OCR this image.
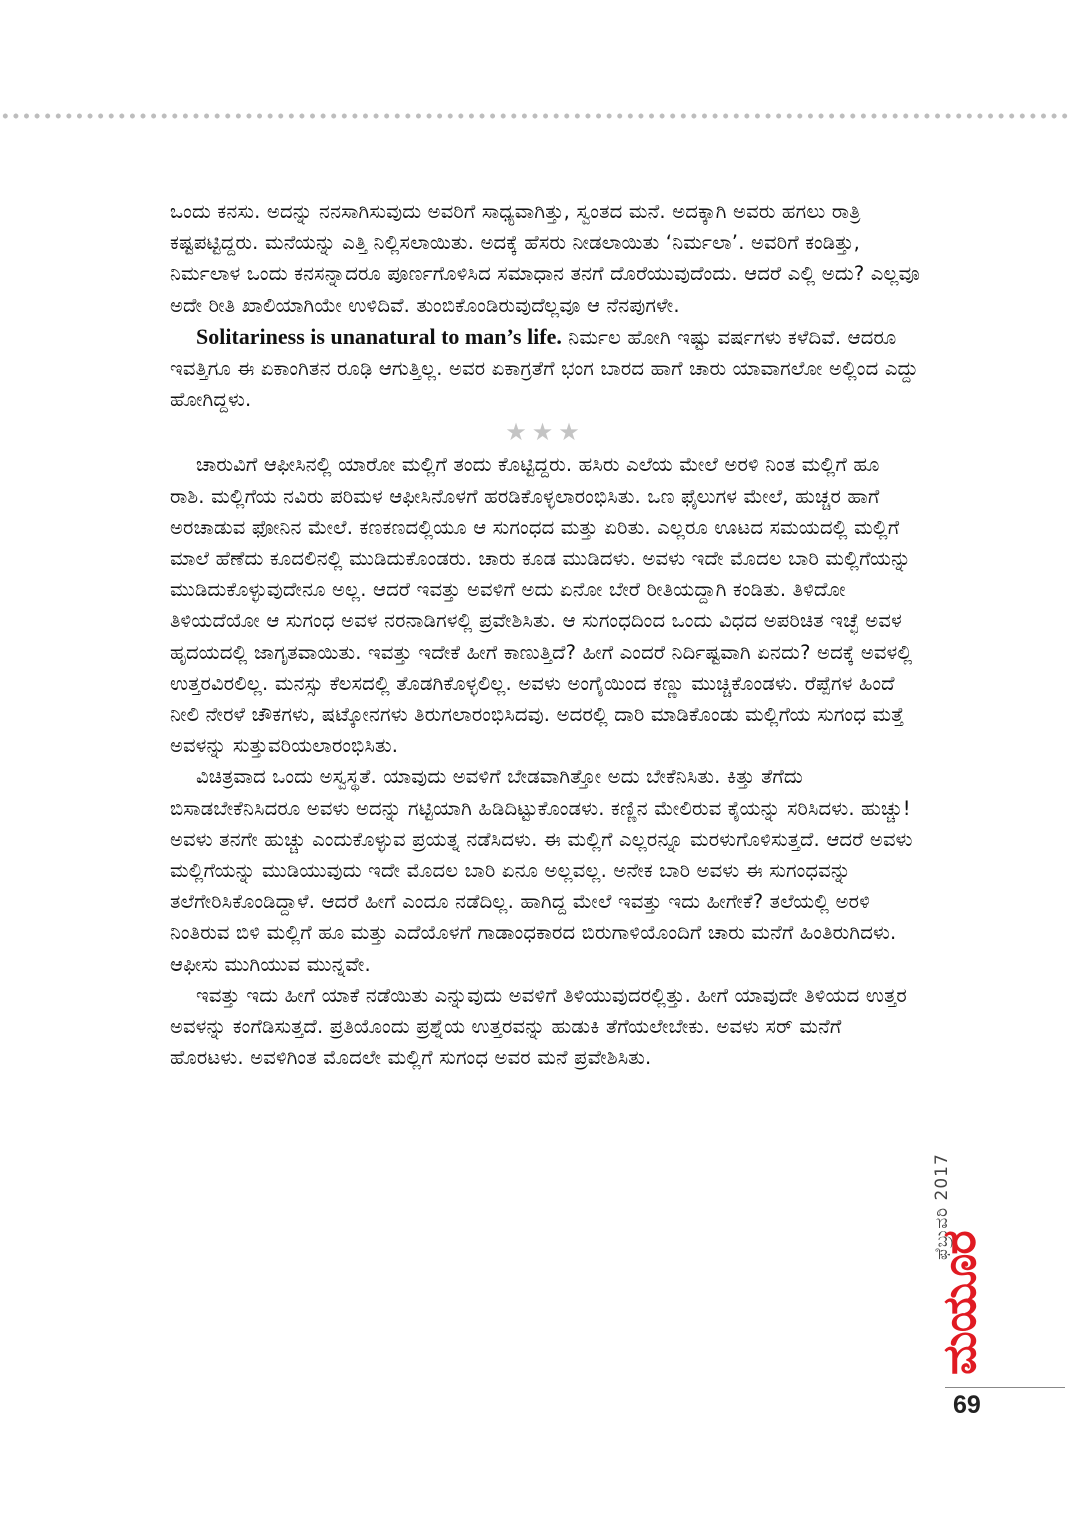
ಒಂದು ಕನಸು. ಅದನ್ನು ನನಸಾಗಿಸುವುದು ಅವರಿಗೆ ಸಾಧ್ಯವಾಗಿತ್ತು, ಸ್ವಂತದ ಮನೆ. ಅದಕ್ಕಾಗಿ ಅವರು ಹಗಲು ರಾತ್ರಿ ಕಷ್ಟಪಟ್ಟಿದ್ದರು. ಮನೆಯನ್ನು ಎತ್ತಿ ನಿಲ್ಲಿಸಲಾಯಿತು. ಅದಕ್ಕೆ ಹೆಸರು ನೀಡಲಾಯಿತು ‘ನಿರ್ಮಲಾ’. ಅವರಿಗೆ ಕಂಡಿತ್ತು, ನಿರ್ಮಲಾಳ ಒಂದು ಕನಸನ್ನಾದರೂ ಪೂರ್ಣಗೊಳಿಸಿದ ಸಮಾಧಾನ ತನಗೆ ದೊರೆಯುವುದೆಂದು. ಆದರೆ ಎಲ್ಲಿ ಅದು? ಎಲ್ಲವೂ ಅದೇ ರೀತಿ ಖಾಲಿಯಾಗಿಯೇ ಉಳಿದಿವೆ. ತುಂಬಿಕೊಂಡಿರುವುದೆಲ್ಲವೂ ಆ ನೆನಪುಗಳೇ.

Solitariness is unanatural to man’s life. ನಿರ್ಮಲ ಹೋಗಿ ಇಷ್ಟು ವರ್ಷಗಳು ಕಳೆದಿವೆ. ಆದರೂ ಇವತ್ತಿಗೂ ಈ ಏಕಾಂಗಿತನ ರೂಢಿ ಆಗುತ್ತಿಲ್ಲ. ಅವರ ಏಕಾಗ್ರತೆಗೆ ಭಂಗ ಬಾರದ ಹಾಗೆ ಚಾರು ಯಾವಾಗಲೋ ಅಲ್ಲಿಂದ ಎದ್ದು ಹೋಗಿದ್ದಳು.

★★★

ಚಾರುವಿಗೆ ಆಫೀಸಿನಲ್ಲಿ ಯಾರೋ ಮಲ್ಲಿಗೆ ತಂದು ಕೊಟ್ಟಿದ್ದರು. ಹಸಿರು ಎಲೆಯ ಮೇಲೆ ಅರಳಿ ನಿಂತ ಮಲ್ಲಿಗೆ ಹೂ ರಾಶಿ. ಮಲ್ಲಿಗೆಯ ನವಿರು ಪರಿಮಳ ಆಫೀಸಿನೊಳಗೆ ಹರಡಿಕೊಳ್ಳಲಾರಂಭಿಸಿತು. ಒಣ ಫೈಲುಗಳ ಮೇಲೆ, ಹುಚ್ಚರ ಹಾಗೆ ಅರಚಾಡುವ ಫೋನಿನ ಮೇಲೆ. ಕಣಕಣದಲ್ಲಿಯೂ ಆ ಸುಗಂಧದ ಮತ್ತು ಏರಿತು. ಎಲ್ಲರೂ ಊಟದ ಸಮಯದಲ್ಲಿ ಮಲ್ಲಿಗೆ ಮಾಲೆ ಹೆಣೆದು ಕೂದಲಿನಲ್ಲಿ ಮುಡಿದುಕೊಂಡರು. ಚಾರು ಕೂಡ ಮುಡಿದಳು. ಅವಳು ಇದೇ ಮೊದಲ ಬಾರಿ ಮಲ್ಲಿಗೆಯನ್ನು ಮುಡಿದುಕೊಳ್ಳುವುದೇನೂ ಅಲ್ಲ. ಆದರೆ ಇವತ್ತು ಅವಳಿಗೆ ಅದು ಏನೋ ಬೇರೆ ರೀತಿಯದ್ದಾಗಿ ಕಂಡಿತು. ತಿಳಿದೋ ತಿಳಿಯದೆಯೋ ಆ ಸುಗಂಧ ಅವಳ ನರನಾಡಿಗಳಲ್ಲಿ ಪ್ರವೇಶಿಸಿತು. ಆ ಸುಗಂಧದಿಂದ ಒಂದು ವಿಧದ ಅಪರಿಚಿತ ಇಚ್ಛೆ ಅವಳ ಹೃದಯದಲ್ಲಿ ಜಾಗೃತವಾಯಿತು. ಇವತ್ತು ಇದೇಕೆ ಹೀಗೆ ಕಾಣುತ್ತಿದೆ? ಹೀಗೆ ಎಂದರೆ ನಿರ್ದಿಷ್ಟವಾಗಿ ಏನದು? ಅದಕ್ಕೆ ಅವಳಲ್ಲಿ ಉತ್ತರವಿರಲಿಲ್ಲ. ಮನಸ್ಸು ಕೆಲಸದಲ್ಲಿ ತೊಡಗಿಕೊಳ್ಳಲಿಲ್ಲ. ಅವಳು ಅಂಗೈಯಿಂದ ಕಣ್ಣು ಮುಚ್ಚಿಕೊಂಡಳು. ರೆಪ್ಪೆಗಳ ಹಿಂದೆ ನೀಲಿ ನೇರಳೆ ಚೌಕಗಳು, ಷಟ್ಕೋನಗಳು ತಿರುಗಲಾರಂಭಿಸಿದವು. ಅದರಲ್ಲಿ ದಾರಿ ಮಾಡಿಕೊಂಡು ಮಲ್ಲಿಗೆಯ ಸುಗಂಧ ಮತ್ತೆ ಅವಳನ್ನು ಸುತ್ತುವರಿಯಲಾರಂಭಿಸಿತು.

ವಿಚಿತ್ರವಾದ ಒಂದು ಅಸ್ವಸ್ಥತೆ. ಯಾವುದು ಅವಳಿಗೆ ಬೇಡವಾಗಿತ್ತೋ ಅದು ಬೇಕೆನಿಸಿತು. ಕಿತ್ತು ತೆಗೆದು ಬಿಸಾಡಬೇಕೆನಿಸಿದರೂ ಅವಳು ಅದನ್ನು ಗಟ್ಟಿಯಾಗಿ ಹಿಡಿದಿಟ್ಟುಕೊಂಡಳು. ಕಣ್ಣಿನ ಮೇಲಿರುವ ಕೈಯನ್ನು ಸರಿಸಿದಳು. ಹುಚ್ಚು! ಅವಳು ತನಗೇ ಹುಚ್ಚು ಎಂದುಕೊಳ್ಳುವ ಪ್ರಯತ್ನ ನಡೆಸಿದಳು. ಈ ಮಲ್ಲಿಗೆ ಎಲ್ಲರನ್ನೂ ಮರಳುಗೊಳಿಸುತ್ತದೆ. ಆದರೆ ಅವಳು ಮಲ್ಲಿಗೆಯನ್ನು ಮುಡಿಯುವುದು ಇದೇ ಮೊದಲ ಬಾರಿ ಏನೂ ಅಲ್ಲವಲ್ಲ. ಅನೇಕ ಬಾರಿ ಅವಳು ಈ ಸುಗಂಧವನ್ನು ತಲೆಗೇರಿಸಿಕೊಂಡಿದ್ದಾಳೆ. ಆದರೆ ಹೀಗೆ ಎಂದೂ ನಡೆದಿಲ್ಲ. ಹಾಗಿದ್ದ ಮೇಲೆ ಇವತ್ತು ಇದು ಹೀಗೇಕೆ? ತಲೆಯಲ್ಲಿ ಅರಳಿ ನಿಂತಿರುವ ಬಿಳಿ ಮಲ್ಲಿಗೆ ಹೂ ಮತ್ತು ಎದೆಯೊಳಗೆ ಗಾಡಾಂಧಕಾರದ ಬಿರುಗಾಳಿಯೊಂದಿಗೆ ಚಾರು ಮನೆಗೆ ಹಿಂತಿರುಗಿದಳು. ಆಫೀಸು ಮುಗಿಯುವ ಮುನ್ನವೇ.

ಇವತ್ತು ಇದು ಹೀಗೆ ಯಾಕೆ ನಡೆಯಿತು ಎನ್ನುವುದು ಅವಳಿಗೆ ತಿಳಿಯುವುದರಲ್ಲಿತ್ತು. ಹೀಗೆ ಯಾವುದೇ ತಿಳಿಯದ ಉತ್ತರ ಅವಳನ್ನು ಕಂಗೆಡಿಸುತ್ತದೆ. ಪ್ರತಿಯೊಂದು ಪ್ರಶ್ನೆಯ ಉತ್ತರವನ್ನು ಹುಡುಕಿ ತೆಗೆಯಲೇಬೇಕು. ಅವಳು ಸರ್ ಮನೆಗೆ ಹೊರಟಳು. ಅವಳಿಗಿಂತ ಮೊದಲೇ ಮಲ್ಲಿಗೆ ಸುಗಂಧ ಅವರ ಮನೆ ಪ್ರವೇಶಿಸಿತು.

ಫೆಬ್ರುವರಿ 2017
ಮಯೂರ
69
